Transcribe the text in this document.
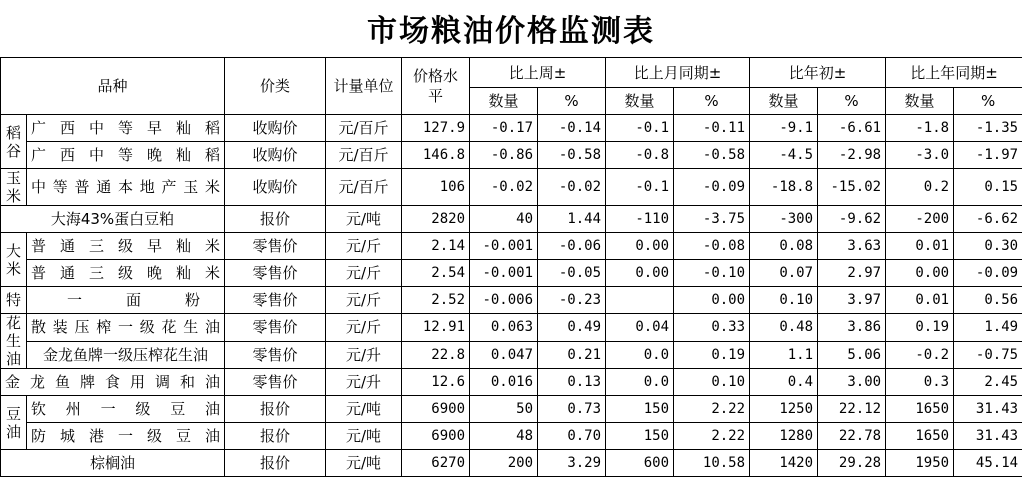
市场粮油价格监测表
品种		价类	计量单位	价格水平	比上周±		比上月同期±		比年初±		比上年同期±	
					数量	%	数量	%	数量	%	数量	%
稻谷	广西中等早籼稻	收购价	元/百斤	127.9	-0.17	-0.14	-0.1	-0.11	-9.1	-6.61	-1.8	-1.35
	广西中等晚籼稻	收购价	元/百斤	146.8	-0.86	-0.58	-0.8	-0.58	-4.5	-2.98	-3.0	-1.97
玉米	中等普通本地产玉米	收购价	元/百斤	106	-0.02	-0.02	-0.1	-0.09	-18.8	-15.02	0.2	0.15
大海43%蛋白豆粕		报价	元/吨	2820	40	1.44	-110	-3.75	-300	-9.62	-200	-6.62
大米	普通三级早籼米	零售价	元/斤	2.14	-0.001	-0.06	0.00	-0.08	0.08	3.63	0.01	0.30
	普通三级晚籼米	零售价	元/斤	2.54	-0.001	-0.05	0.00	-0.10	0.07	2.97	0.00	-0.09
特	一面粉	零售价	元/斤	2.52	-0.006	-0.23		0.00	0.10	3.97	0.01	0.56
花生油	散装压榨一级花生油	零售价	元/斤	12.91	0.063	0.49	0.04	0.33	0.48	3.86	0.19	1.49
	金龙鱼牌一级压榨花生油	零售价	元/升	22.8	0.047	0.21	0.0	0.19	1.1	5.06	-0.2	-0.75
金龙鱼牌食用调和油		零售价	元/升	12.6	0.016	0.13	0.0	0.10	0.4	3.00	0.3	2.45
豆油	钦州一级豆油	报价	元/吨	6900	50	0.73	150	2.22	1250	22.12	1650	31.43
	防城港一级豆油	报价	元/吨	6900	48	0.70	150	2.22	1280	22.78	1650	31.43
棕榈油		报价	元/吨	6270	200	3.29	600	10.58	1420	29.28	1950	45.14
